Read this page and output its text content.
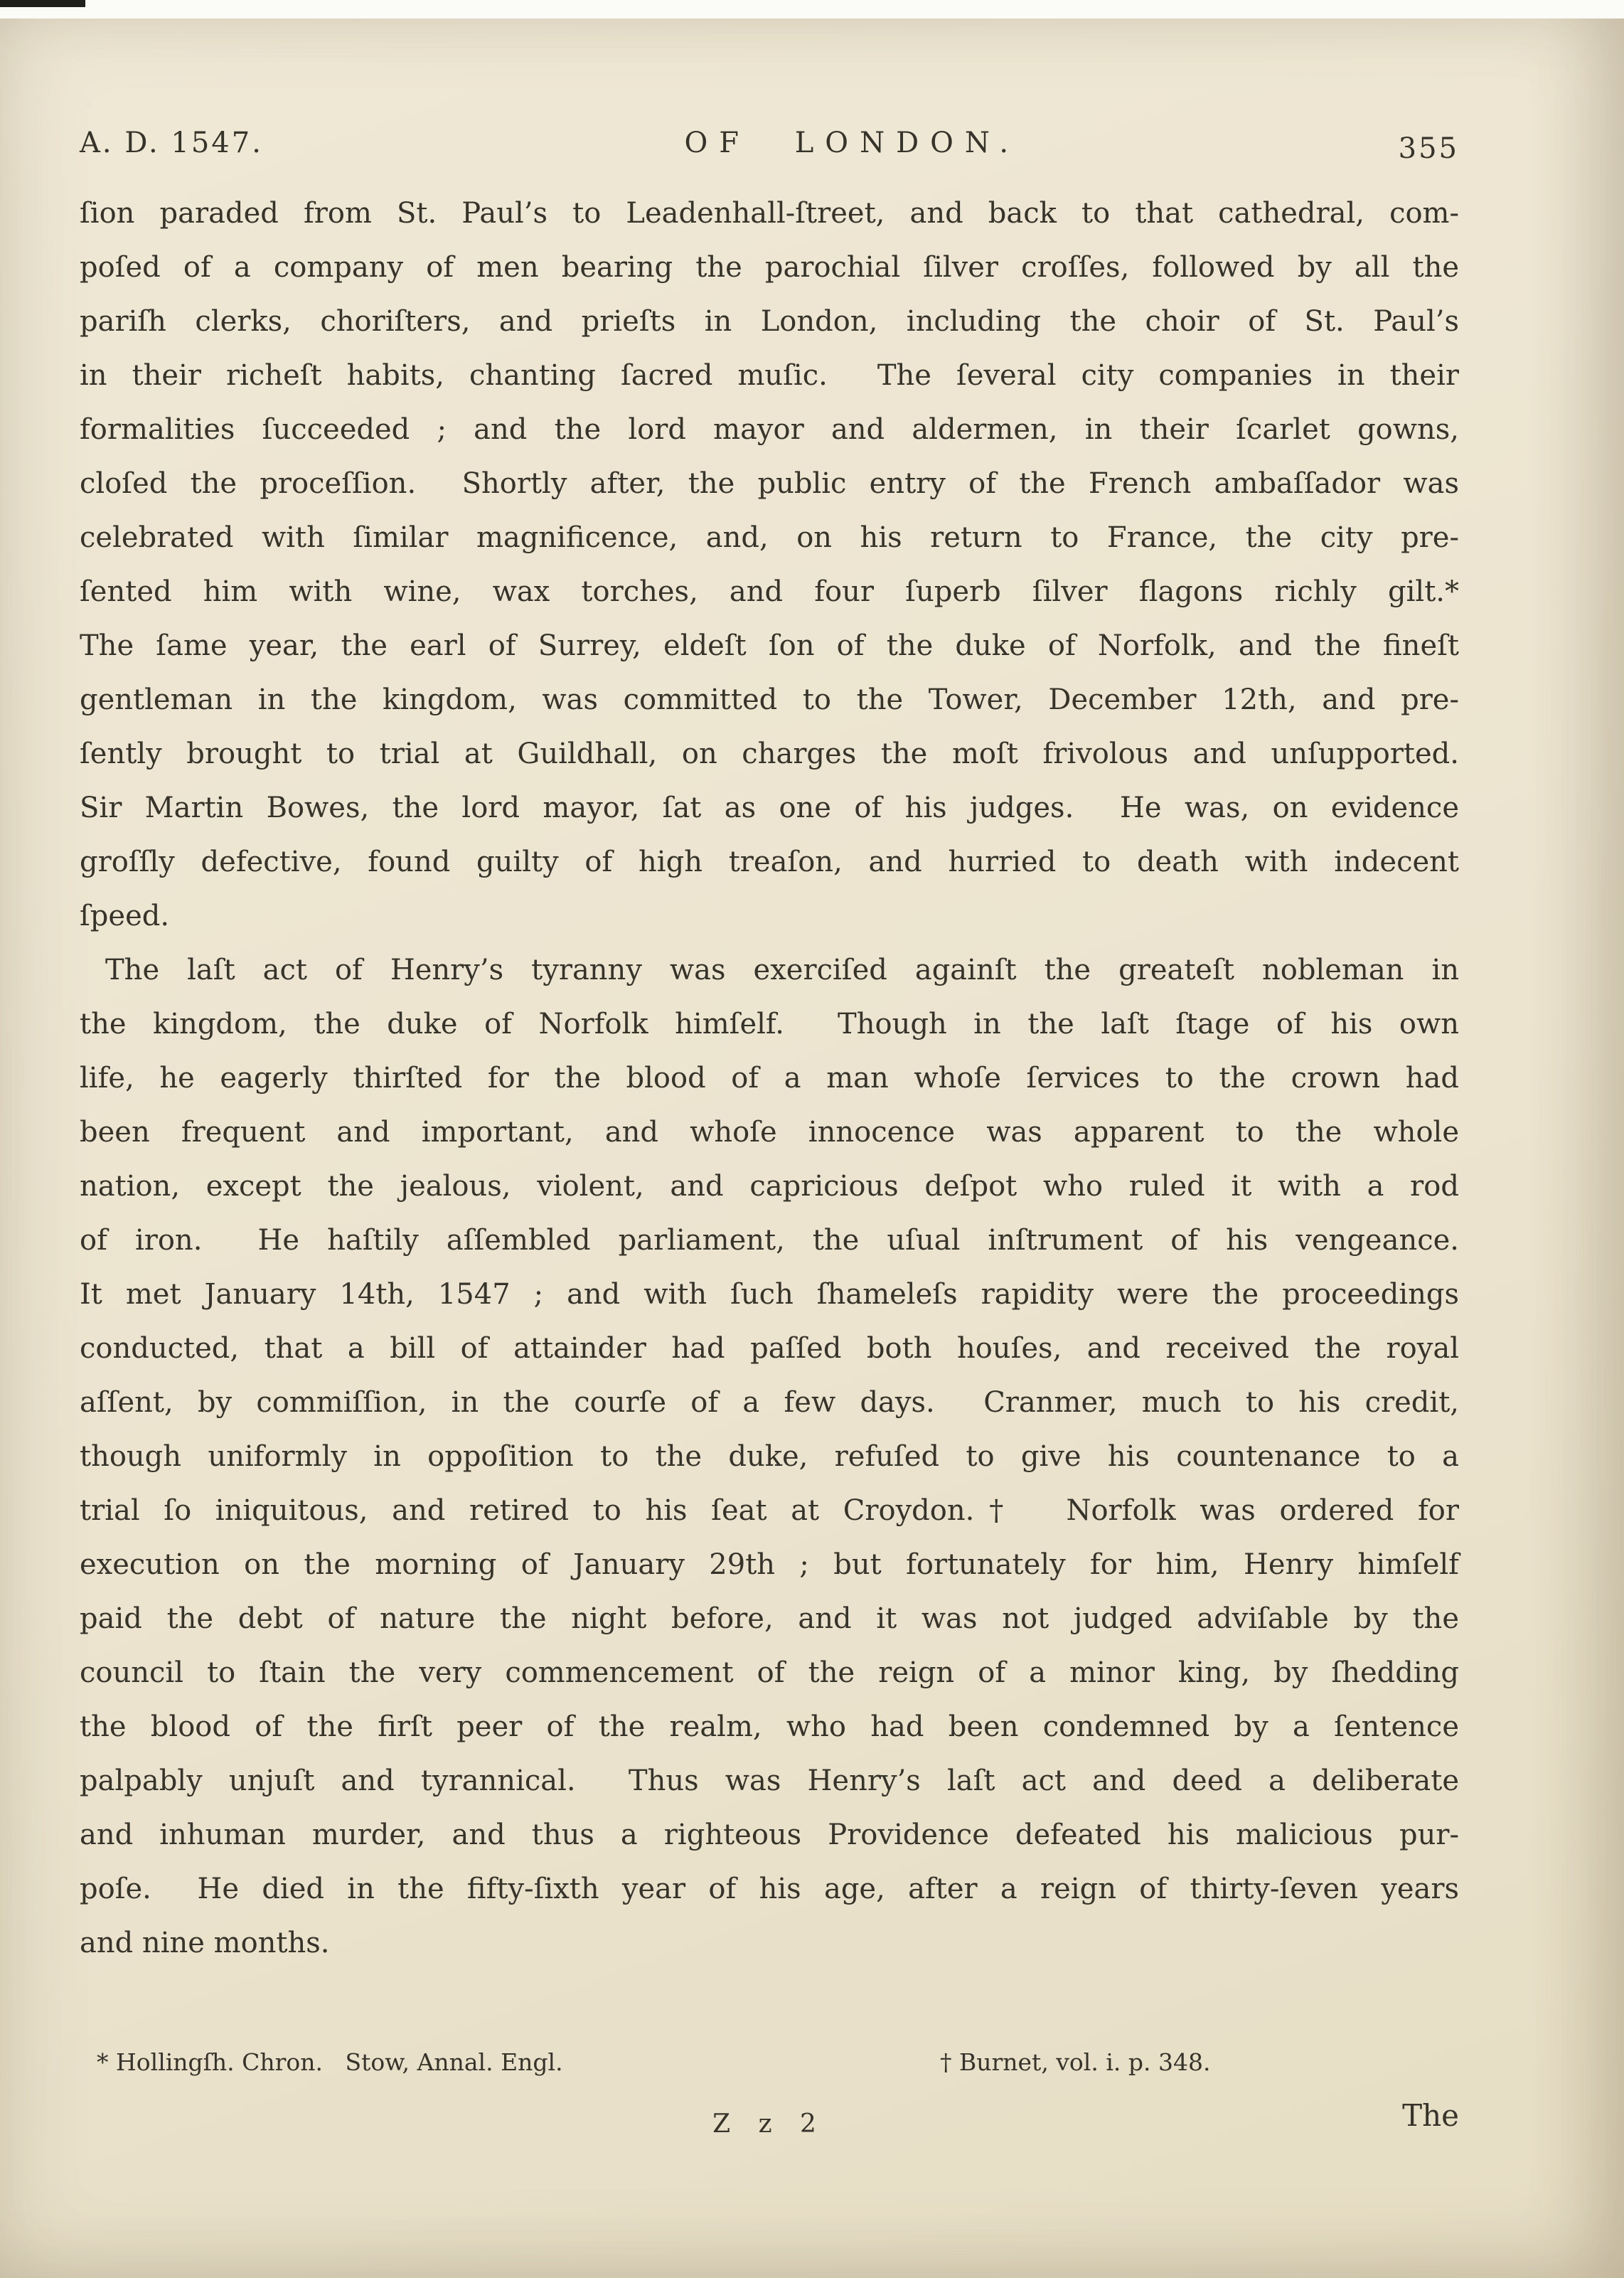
A. D. 1547.	OF LONDON.	355
ſion paraded from St. Paul’s to Leadenhall-ſtreet, and back to that cathedral, com-
poſed of a company of men bearing the parochial ſilver croſſes, followed by all the
pariſh clerks, choriſters, and prieſts in London, including the choir of St. Paul’s
in their richeſt habits, chanting ſacred muſic.  The ſeveral city companies in their
formalities ſucceeded ; and the lord mayor and aldermen, in their ſcarlet gowns,
cloſed the proceſſion.  Shortly after, the public entry of the French ambaſſador was
celebrated with ſimilar magnificence, and, on his return to France, the city pre-
ſented him with wine, wax torches, and four ſuperb ſilver flagons richly gilt.*
The ſame year, the earl of Surrey, eldeſt ſon of the duke of Norfolk, and the fineſt
gentleman in the kingdom, was committed to the Tower, December 12th, and pre-
ſently brought to trial at Guildhall, on charges the moſt frivolous and unſupported.
Sir Martin Bowes, the lord mayor, ſat as one of his judges.  He was, on evidence
groſſly defective, found guilty of high treaſon, and hurried to death with indecent
ſpeed.
The laſt act of Henry’s tyranny was exerciſed againſt the greateſt nobleman in
the kingdom, the duke of Norfolk himſelf.  Though in the laſt ſtage of his own
life, he eagerly thirſted for the blood of a man whoſe ſervices to the crown had
been frequent and important, and whoſe innocence was apparent to the whole
nation, except the jealous, violent, and capricious deſpot who ruled it with a rod
of iron.  He haſtily aſſembled parliament, the uſual inſtrument of his vengeance.
It met January 14th, 1547 ; and with ſuch ſhameleſs rapidity were the proceedings
conducted, that a bill of attainder had paſſed both houſes, and received the royal
aſſent, by commiſſion, in the courſe of a few days.  Cranmer, much to his credit,
though uniformly in oppoſition to the duke, refuſed to give his countenance to a
trial ſo iniquitous, and retired to his ſeat at Croydon.†  Norfolk was ordered for
execution on the morning of January 29th ; but fortunately for him, Henry himſelf
paid the debt of nature the night before, and it was not judged adviſable by the
council to ſtain the very commencement of the reign of a minor king, by ſhedding
the blood of the firſt peer of the realm, who had been condemned by a ſentence
palpably unjuſt and tyrannical.  Thus was Henry’s laſt act and deed a deliberate
and inhuman murder, and thus a righteous Providence defeated his malicious pur-
poſe.  He died in the fifty-ſixth year of his age, after a reign of thirty-ſeven years
and nine months.

* Hollingſh. Chron.   Stow, Annal. Engl.

	† Burnet, vol. i. p. 348.

Z z 2	The
